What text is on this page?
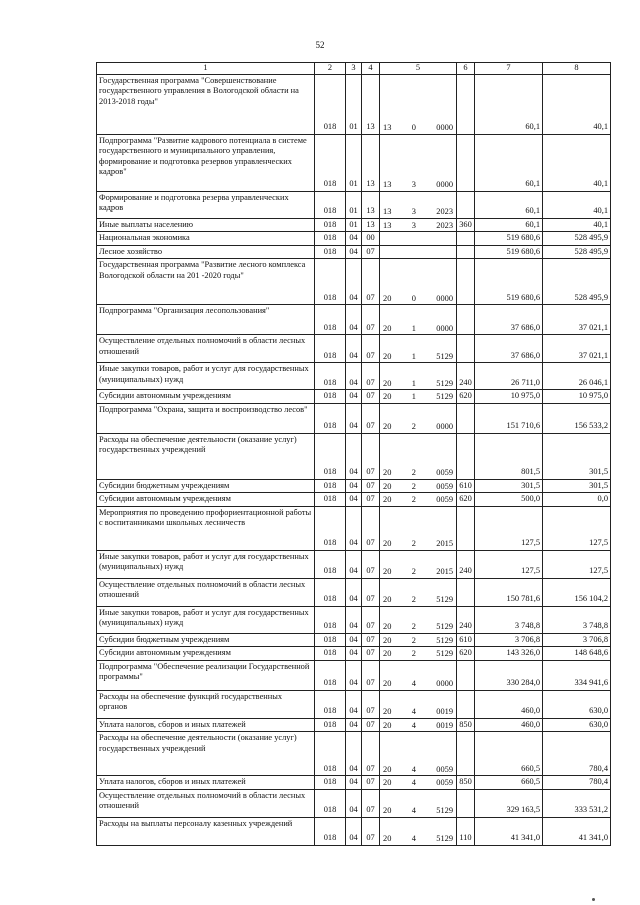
52
1	2	3	4	5	6	7	8
Государственная программа "Совершенствование государственного управления в Вологодской области на 2013-2018 годы"	018	01	13	13 0 0000		60,1	40,1
Подпрограмма "Развитие кадрового потенциала в системе государственного и муниципального управления, формирование и подготовка резервов управленческих кадров"	018	01	13	13 3 0000		60,1	40,1
Формирование и подготовка резерва управленческих кадров	018	01	13	13 3 2023		60,1	40,1
Иные выплаты населению	018	01	13	13 3 2023	360	60,1	40,1
Национальная экономика	018	04	00			519 680,6	528 495,9
Лесное хозяйство	018	04	07			519 680,6	528 495,9
Государственная программа "Развитие лесного комплекса Вологодской области на 201 -2020 годы"	018	04	07	20 0 0000		519 680,6	528 495,9
Подпрограмма "Организация лесопользования"	018	04	07	20 1 0000		37 686,0	37 021,1
Осуществление отдельных полномочий в области лесных отношений	018	04	07	20 1 5129		37 686,0	37 021,1
Иные закупки товаров, работ и услуг для государственных (муниципальных) нужд	018	04	07	20 1 5129	240	26 711,0	26 046,1
Субсидии автономным учреждениям	018	04	07	20 1 5129	620	10 975,0	10 975,0
Подпрограмма "Охрана, защита и воспроизводство лесов"	018	04	07	20 2 0000		151 710,6	156 533,2
Расходы на обеспечение деятельности (оказание услуг) государственных учреждений	018	04	07	20 2 0059		801,5	301,5
Субсидии бюджетным учреждениям	018	04	07	20 2 0059	610	301,5	301,5
Субсидии автономным учреждениям	018	04	07	20 2 0059	620	500,0	0,0
Мероприятия по проведению профориентационной работы с воспитанниками школьных лесничеств	018	04	07	20 2 2015		127,5	127,5
Иные закупки товаров, работ и услуг для государственных (муниципальных) нужд	018	04	07	20 2 2015	240	127,5	127,5
Осуществление отдельных полномочий в области лесных отношений	018	04	07	20 2 5129		150 781,6	156 104,2
Иные закупки товаров, работ и услуг для государственных (муниципальных) нужд	018	04	07	20 2 5129	240	3 748,8	3 748,8
Субсидии бюджетным учреждениям	018	04	07	20 2 5129	610	3 706,8	3 706,8
Субсидии автономным учреждениям	018	04	07	20 2 5129	620	143 326,0	148 648,6
Подпрограмма "Обеспечение реализации Государственной программы"	018	04	07	20 4 0000		330 284,0	334 941,6
Расходы на обеспечение функций государственных органов	018	04	07	20 4 0019		460,0	630,0
Уплата налогов, сборов и иных платежей	018	04	07	20 4 0019	850	460,0	630,0
Расходы на обеспечение деятельности (оказание услуг) государственных учреждений	018	04	07	20 4 0059		660,5	780,4
Уплата налогов, сборов и иных платежей	018	04	07	20 4 0059	850	660,5	780,4
Осуществление отдельных полномочий в области лесных отношений	018	04	07	20 4 5129		329 163,5	333 531,2
Расходы на выплаты персоналу казенных учреждений	018	04	07	20 4 5129	110	41 341,0	41 341,0
